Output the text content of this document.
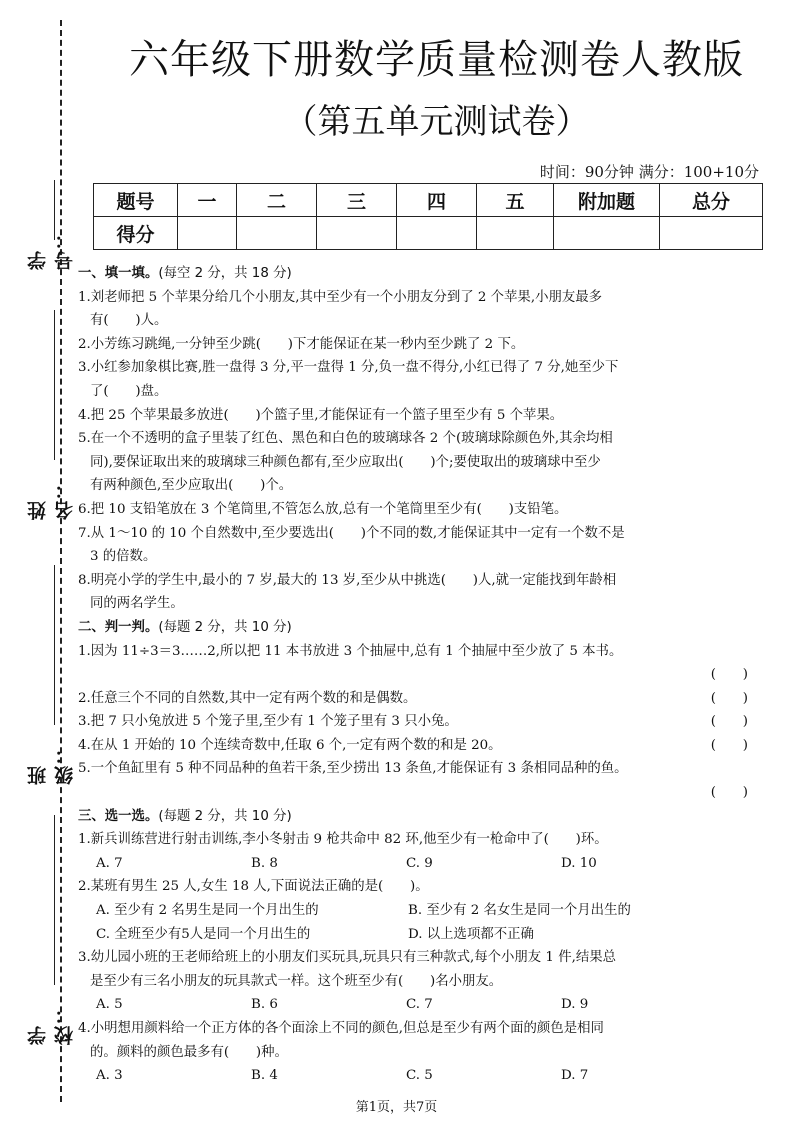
学号：
姓名：
班级：
学校：
六年级下册数学质量检测卷人教版
（第五单元测试卷）
时间：90分钟 满分：100+10分
题号	一	二	三	四	五	附加题	总分
得分							

一、填一填。(每空 2 分，共 18 分)

1.刘老师把 5 个苹果分给几个小朋友,其中至少有一个小朋友分到了 2 个苹果,小朋友最多

有(　　)人。

2.小芳练习跳绳,一分钟至少跳(　　)下才能保证在某一秒内至少跳了 2 下。

3.小红参加象棋比赛,胜一盘得 3 分,平一盘得 1 分,负一盘不得分,小红已得了 7 分,她至少下

了(　　)盘。

4.把 25 个苹果最多放进(　　)个篮子里,才能保证有一个篮子里至少有 5 个苹果。

5.在一个不透明的盒子里装了红色、黑色和白色的玻璃球各 2 个(玻璃球除颜色外,其余均相

同),要保证取出来的玻璃球三种颜色都有,至少应取出(　　)个;要使取出的玻璃球中至少

有两种颜色,至少应取出(　　)个。

6.把 10 支铅笔放在 3 个笔筒里,不管怎么放,总有一个笔筒里至少有(　　)支铅笔。

7.从 1～10 的 10 个自然数中,至少要选出(　　)个不同的数,才能保证其中一定有一个数不是

3 的倍数。

8.明亮小学的学生中,最小的 7 岁,最大的 13 岁,至少从中挑选(　　)人,就一定能找到年龄相

同的两名学生。

二、判一判。(每题 2 分，共 10 分)

1.因为 11÷3＝3……2,所以把 11 本书放进 3 个抽屉中,总有 1 个抽屉中至少放了 5 本书。

(　　)

2.任意三个不同的自然数,其中一定有两个数的和是偶数。	(　　)

3.把 7 只小兔放进 5 个笼子里,至少有 1 个笼子里有 3 只小兔。	(　　)

4.在从 1 开始的 10 个连续奇数中,任取 6 个,一定有两个数的和是 20。	(　　)

5.一个鱼缸里有 5 种不同品种的鱼若干条,至少捞出 13 条鱼,才能保证有 3 条相同品种的鱼。

(　　)

三、选一选。(每题 2 分，共 10 分)

1.新兵训练营进行射击训练,李小冬射击 9 枪共命中 82 环,他至少有一枪命中了(　　)环。

A. 7	B. 8	C. 9	D. 10

2.某班有男生 25 人,女生 18 人,下面说法正确的是(　　)。

A. 至少有 2 名男生是同一个月出生的	B. 至少有 2 名女生是同一个月出生的

C. 全班至少有5人是同一个月出生的	D. 以上选项都不正确

3.幼儿园小班的王老师给班上的小朋友们买玩具,玩具只有三种款式,每个小朋友 1 件,结果总

是至少有三名小朋友的玩具款式一样。这个班至少有(　　)名小朋友。

A. 5	B. 6	C. 7	D. 9

4.小明想用颜料给一个正方体的各个面涂上不同的颜色,但总是至少有两个面的颜色是相同

的。颜料的颜色最多有(　　)种。

A. 3	B. 4	C. 5	D. 7

第1页，共7页
